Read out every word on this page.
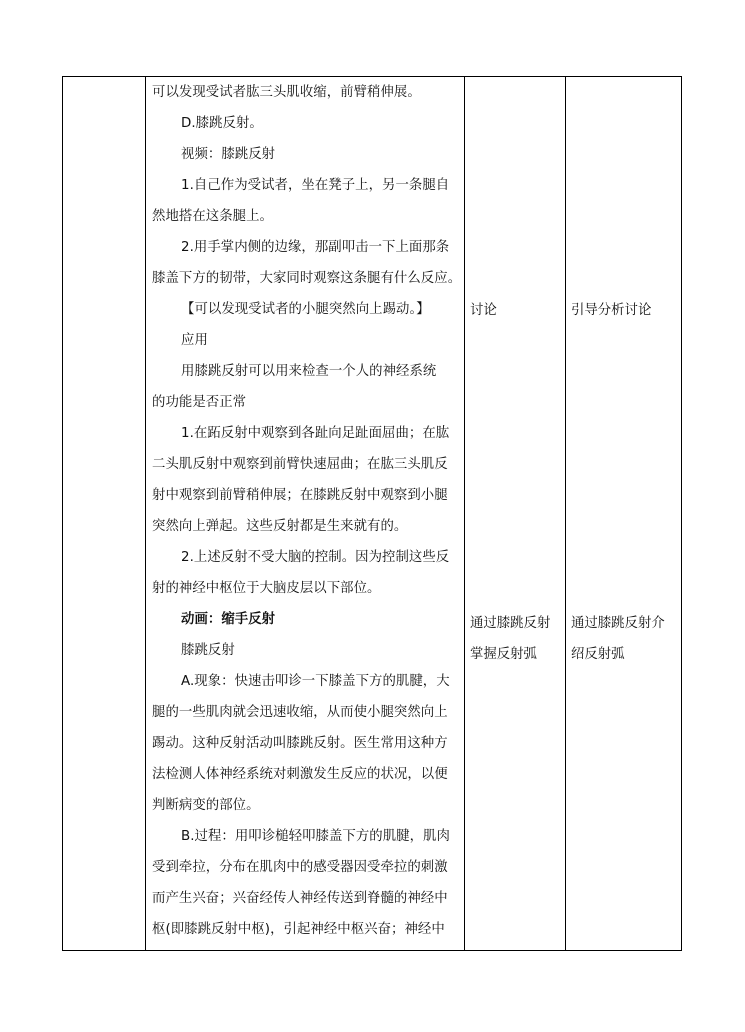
可以发现受试者肱三头肌收缩，前臂稍伸展。
D.膝跳反射。
视频：膝跳反射
1.自己作为受试者，坐在凳子上，另一条腿自
然地搭在这条腿上。
2.用手掌内侧的边缘，那副叩击一下上面那条
膝盖下方的韧带，大家同时观察这条腿有什么反应。
【可以发现受试者的小腿突然向上踢动。】
应用
用膝跳反射可以用来检查一个人的神经系统
的功能是否正常
1.在跖反射中观察到各趾向足趾面屈曲；在肱
二头肌反射中观察到前臂快速屈曲；在肱三头肌反
射中观察到前臂稍伸展；在膝跳反射中观察到小腿
突然向上弹起。这些反射都是生来就有的。
2.上述反射不受大脑的控制。因为控制这些反
射的神经中枢位于大脑皮层以下部位。
动画：缩手反射
膝跳反射
A.现象：快速击叩诊一下膝盖下方的肌腱，大
腿的一些肌肉就会迅速收缩，从而使小腿突然向上
踢动。这种反射活动叫膝跳反射。医生常用这种方
法检测人体神经系统对刺激发生反应的状况，以便
判断病变的部位。
B.过程：用叩诊槌轻叩膝盖下方的肌腱，肌肉
受到牵拉，分布在肌肉中的感受器因受牵拉的刺激
而产生兴奋；兴奋经传人神经传送到脊髓的神经中
枢(即膝跳反射中枢)，引起神经中枢兴奋；神经中
讨论
通过膝跳反射
掌握反射弧
引导分析讨论
通过膝跳反射介
绍反射弧
